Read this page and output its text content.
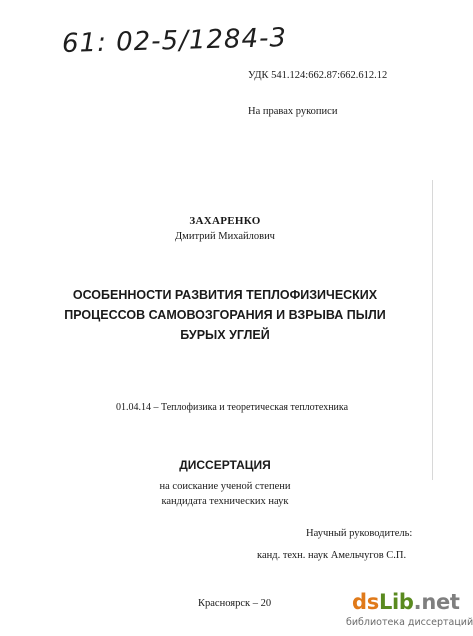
61: 02-5/1284-3
УДК 541.124:662.87:662.612.12
На правах рукописи
ЗАХАРЕНКО
Дмитрий Михайлович
ОСОБЕННОСТИ РАЗВИТИЯ ТЕПЛОФИЗИЧЕСКИХ
ПРОЦЕССОВ САМОВОЗГОРАНИЯ И ВЗРЫВА ПЫЛИ
БУРЫХ УГЛЕЙ
01.04.14 – Теплофизика и теоретическая теплотехника
ДИССЕРТАЦИЯ
на соискание ученой степени
кандидата технических наук
Научный руководитель:
канд. техн. наук Амельчугов С.П.
Красноярск – 20	dsLib.net
библиотека диссертаций
